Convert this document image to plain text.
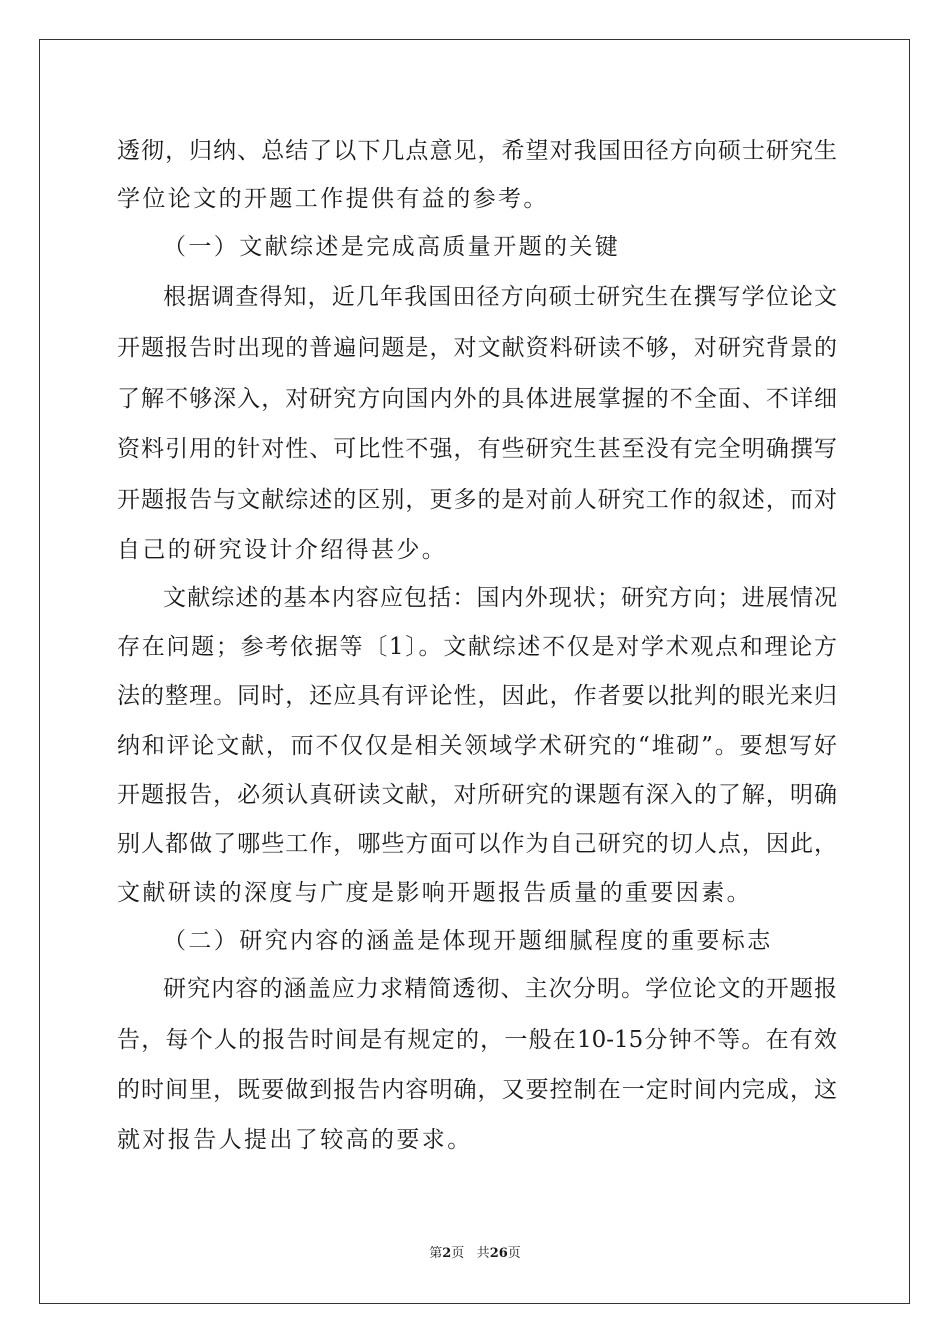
透彻，归纳、总结了以下几点意见，希望对我国田径方向硕士研究生
学位论文的开题工作提供有益的参考。
（一）文献综述是完成高质量开题的关键
根据调查得知，近几年我国田径方向硕士研究生在撰写学位论文
开题报告时出现的普遍问题是，对文献资料研读不够，对研究背景的
了解不够深入，对研究方向国内外的具体进展掌握的不全面、不详细
资料引用的针对性、可比性不强，有些研究生甚至没有完全明确撰写
开题报告与文献综述的区别，更多的是对前人研究工作的叙述，而对
自己的研究设计介绍得甚少。
文献综述的基本内容应包括：国内外现状；研究方向；进展情况
存在问题；参考依据等〔1〕。文献综述不仅是对学术观点和理论方
法的整理。同时，还应具有评论性，因此，作者要以批判的眼光来归
纳和评论文献，而不仅仅是相关领域学术研究的“堆砌”。要想写好
开题报告，必须认真研读文献，对所研究的课题有深入的了解，明确
别人都做了哪些工作，哪些方面可以作为自己研究的切人点，因此，
文献研读的深度与广度是影响开题报告质量的重要因素。
（二）研究内容的涵盖是体现开题细腻程度的重要标志
研究内容的涵盖应力求精简透彻、主次分明。学位论文的开题报
告，每个人的报告时间是有规定的，一般在10-15分钟不等。在有效
的时间里，既要做到报告内容明确，又要控制在一定时间内完成，这
就对报告人提出了较高的要求。
第2页 共26页
